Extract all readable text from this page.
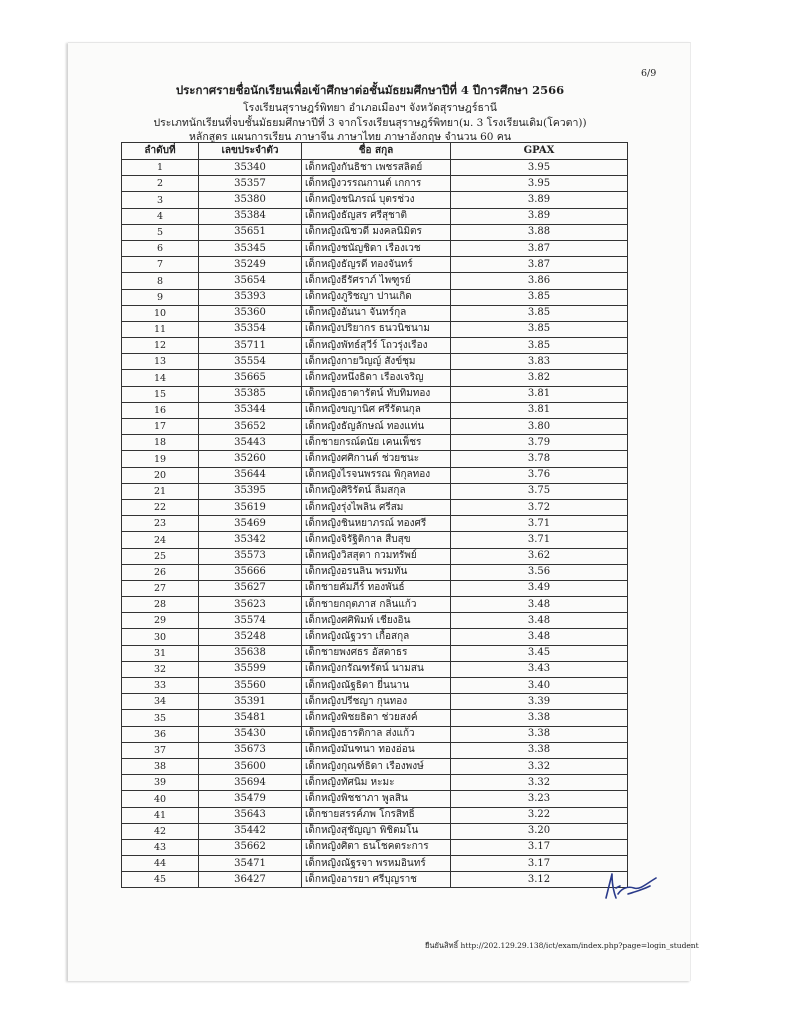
6/9
ประกาศรายชื่อนักเรียนเพื่อเข้าศึกษาต่อชั้นมัธยมศึกษาปีที่ 4 ปีการศึกษา 2566
โรงเรียนสุราษฎร์พิทยา อำเภอเมืองฯ จังหวัดสุราษฎร์ธานี
ประเภทนักเรียนที่จบชั้นมัธยมศึกษาปีที่ 3 จากโรงเรียนสุราษฎร์พิทยา(ม. 3 โรงเรียนเดิม(โควตา))
หลักสูตร แผนการเรียน ภาษาจีน ภาษาไทย ภาษาอังกฤษ จำนวน 60 คน
ลำดับที่	เลขประจำตัว	ชื่อ สกุล	GPAX
1	35340	เด็กหญิงกันธิชา เพชรสลิตย์	3.95
2	35357	เด็กหญิงวรรณกานต์ เกการ	3.95
3	35380	เด็กหญิงชนิภรณ์ บุตรช่วง	3.89
4	35384	เด็กหญิงธัญสร ศรีสุชาติ	3.89
5	35651	เด็กหญิงณิชวดี มงคลนิมิตร	3.88
6	35345	เด็กหญิงชนัญชิดา เรืองเวช	3.87
7	35249	เด็กหญิงธัญรดี ทองจันทร์	3.87
8	35654	เด็กหญิงธีรัศราภ์ ไพฑูรย์	3.86
9	35393	เด็กหญิงภูริชญา ปานเกิด	3.85
10	35360	เด็กหญิงอันนา จันทร์กุล	3.85
11	35354	เด็กหญิงปริยากร ธนวนิชนาม	3.85
12	35711	เด็กหญิงพัทธ์สุวีร์ โถวรุ่งเรือง	3.85
13	35554	เด็กหญิงกายวิญญ์ สังข์ชุม	3.83
14	35665	เด็กหญิงหนึ่งธิดา เรืองเจริญ	3.82
15	35385	เด็กหญิงธาดารัตน์ ทับทิมทอง	3.81
16	35344	เด็กหญิงขญานิศ ศรีรัตนกุล	3.81
17	35652	เด็กหญิงธัญลักษณ์ ทองแท่น	3.80
18	35443	เด็กชายกรณ์ดนัย เคนเพ็ชร	3.79
19	35260	เด็กหญิงศศิกานต์ ช่วยชนะ	3.78
20	35644	เด็กหญิงไรจนพรรณ พิกุลทอง	3.76
21	35395	เด็กหญิงศิริรัตน์ ลิ้มสกุล	3.75
22	35619	เด็กหญิงรุ่งไพลิน ศรีสม	3.72
23	35469	เด็กหญิงชินหยาภรณ์ ทองศรี	3.71
24	35342	เด็กหญิงจิรัฐิติกาล สืบสุข	3.71
25	35573	เด็กหญิงวิสสุตา กวมทรัพย์	3.62
26	35666	เด็กหญิงอรนลิน พรมทัน	3.56
27	35627	เด็กชายคัมภีร์ ทองพันธ์	3.49
28	35623	เด็กชายกฤตภาส กลิ่นแก้ว	3.48
29	35574	เด็กหญิงศศิพิมพ์ เชียงอิน	3.48
30	35248	เด็กหญิงณัฐวรา เกื้อสกุล	3.48
31	35638	เด็กชายพงศธร อัสดาธร	3.45
32	35599	เด็กหญิงกรัณฑรัตน์ นามสน	3.43
33	35560	เด็กหญิงณัฐธิดา ยี่นนาน	3.40
34	35391	เด็กหญิงปรีชญา กุนทอง	3.39
35	35481	เด็กหญิงพิชยธิดา ช่วยสงค์	3.38
36	35430	เด็กหญิงธารติกาล ส่งแก้ว	3.38
37	35673	เด็กหญิงมันฑนา ทองอ่อน	3.38
38	35600	เด็กหญิงกุณฑ์ธิดา เรืองพงษ์	3.32
39	35694	เด็กหญิงทัศนิม หะมะ	3.32
40	35479	เด็กหญิงพิชชาภา พูลสิน	3.23
41	35643	เด็กชายสรรค์ภพ โกรสิทธิ์	3.22
42	35442	เด็กหญิงสุชัญญา พิชิตมโน	3.20
43	35662	เด็กหญิงศิตา ธนโชคตระการ	3.17
44	35471	เด็กหญิงณัฐรจา พรหมอินทร์	3.17
45	36427	เด็กหญิงอารยา ศรีบุญราช	3.12
ยืนยันสิทธิ์ http://202.129.29.138/ict/exam/index.php?page=login_student
